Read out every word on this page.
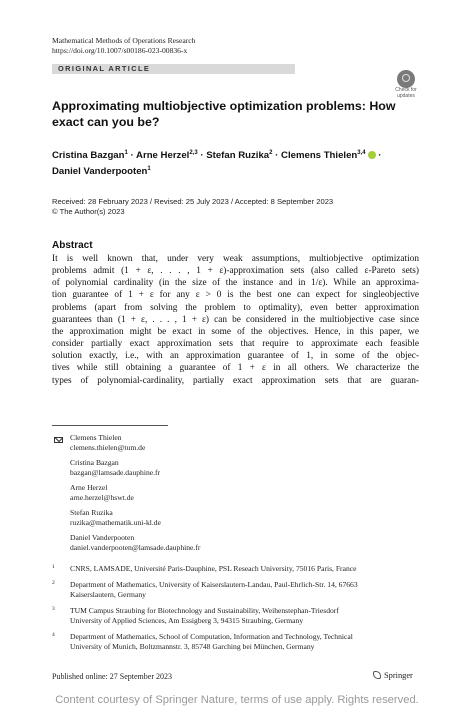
Mathematical Methods of Operations Research
https://doi.org/10.1007/s00186-023-00836-x
ORIGINAL ARTICLE
Check for
updates
Approximating multiobjective optimization problems: How
exact can you be?
Cristina Bazgan$^1$ · Arne Herzel$^{2,3}$ · Stefan Ruzika$^2$ · Clemens Thielen$^{3,4}$ ·
Daniel Vanderpooten$^1$
Received: 28 February 2023 / Revised: 25 July 2023 / Accepted: 8 September 2023
© The Author(s) 2023
Abstract
It is well known that, under very weak assumptions, multiobjective optimization
problems admit (1 + ε, . . . , 1 + ε)-approximation sets (also called ε-Pareto sets)
of polynomial cardinality (in the size of the instance and in 1/ε). While an approxima-
tion guarantee of 1 + ε for any ε > 0 is the best one can expect for singleobjective
problems (apart from solving the problem to optimality), even better approximation
guarantees than (1 + ε, . . . , 1 + ε) can be considered in the multiobjective case since
the approximation might be exact in some of the objectives. Hence, in this paper, we
consider partially exact approximation sets that require to approximate each feasible
solution exactly, i.e., with an approximation guarantee of 1, in some of the objec-
tives while still obtaining a guarantee of 1 + ε in all others. We characterize the
types of polynomial-cardinality, partially exact approximation sets that are guaran-
Clemens Thielen
clemens.thielen@tum.de
Cristina Bazgan
bazgan@lamsade.dauphine.fr
Arne Herzel
arne.herzel@hswt.de
Stefan Ruzika
ruzika@mathematik.uni-kl.de
Daniel Vanderpooten
daniel.vanderpooten@lamsade.dauphine.fr
1 CNRS, LAMSADE, Université Paris-Dauphine, PSL Reseach University, 75016 Paris, France
2 Department of Mathematics, University of Kaiserslautern-Landau, Paul-Ehrlich-Str. 14, 67663
Kaiserslautern, Germany
3 TUM Campus Straubing for Biotechnology and Sustainability, Weihenstephan-Triesdorf
University of Applied Sciences, Am Essigberg 3, 94315 Straubing, Germany
4 Department of Mathematics, School of Computation, Information and Technology, Technical
University of Munich, Boltzmannstr. 3, 85748 Garching bei München, Germany
Published online: 27 September 2023	Springer
Content courtesy of Springer Nature, terms of use apply. Rights reserved.
